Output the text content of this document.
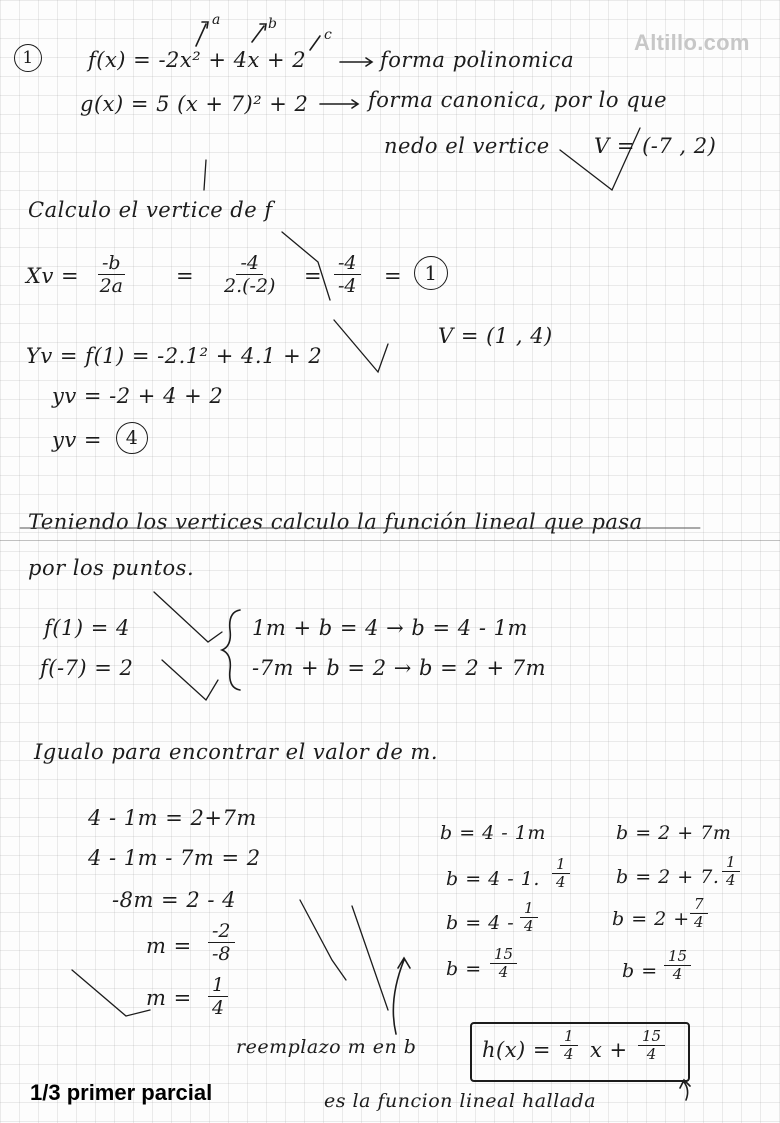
Altillo.com
1
a	b
c
f(x) = -2x² + 4x + 2	forma polinomica
g(x) = 5 (x + 7)² + 2	forma canonica, por lo que
nedo el vertice V = (-7 , 2)
Calculo el vertice de f
$Xv = \frac{-b}{2a} = \frac{-4}{2.(-2)} = \frac{-4}{-4}$ =	1
Yv = f(1) = -2.1² + 4.1 + 2
V = (1 , 4)
yv = -2 + 4 + 2
yv =	4
Teniendo los vertices calculo la función lineal que pasa
por los puntos.
f(1) = 4
f(-7) = 2
1m + b = 4 → b = 4 - 1m
-7m + b = 2 → b = 2 + 7m
Igualo para encontrar el valor de m.
4 - 1m = 2+7m
4 - 1m - 7m = 2
-8m = 2 - 4
$m = \frac{-2}{-8}$
$m = \frac{1}{4}$
b = 4 - 1m
b = 4 - 1. $\frac{1}{4}$
$b = 4 - \frac{1}{4}$
$b = \frac{15}{4}$
b = 2 + 7m
b = 2 + 7. $\frac{1}{4}$
$b = 2 + \frac{7}{4}$
$b = \frac{15}{4}$
reemplazo m en b	$h(x) = \frac{1}{4}$ $x + \frac{15}{4}$
es la funcion lineal hallada
1/3 primer parcial
